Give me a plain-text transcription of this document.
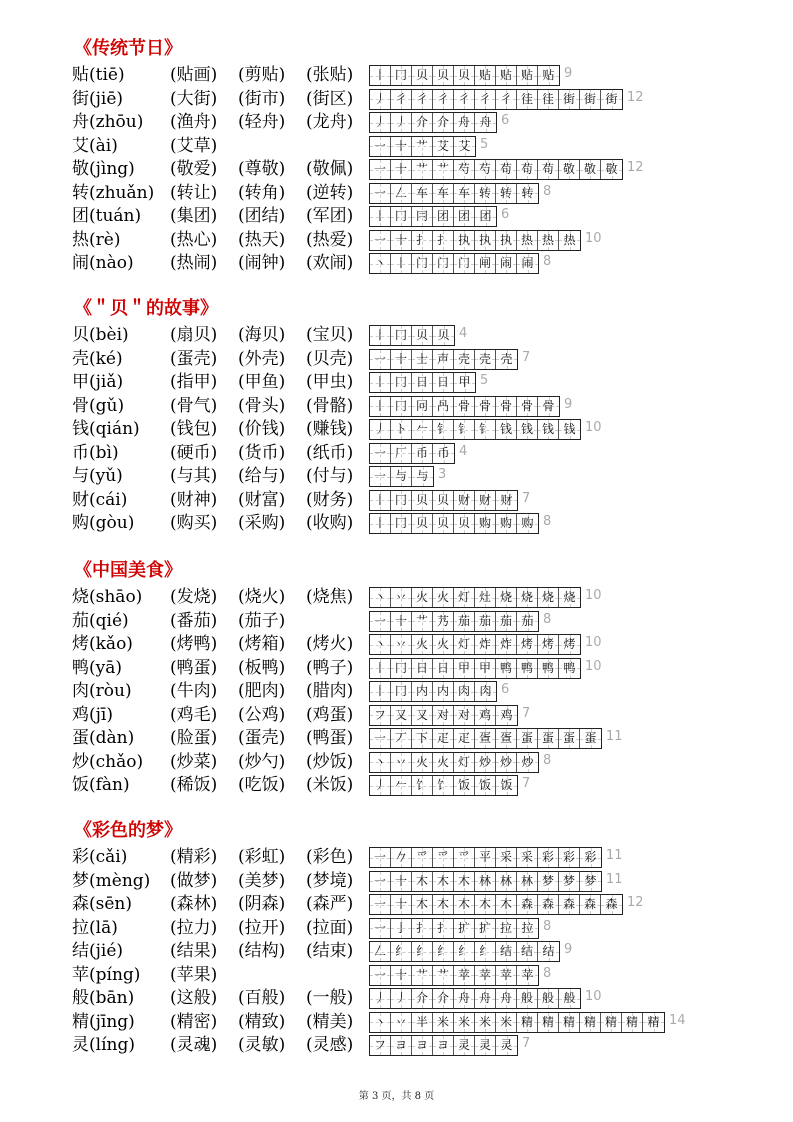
《传统节日》
贴(tiē)	(贴画) (剪贴) (张贴)	丨 冂 贝 贝 贝 贴 贴 贴 贴 9
街(jiē)	(大街) (街市) (街区)	丿 彳 彳 彳 彳 彳 彳 徍 徍 街 街 街 12
舟(zhōu) (渔舟) (轻舟) (龙舟)	丿 丿 介 介 舟 舟 6
艾(ài)	(艾草)	一 十 艹 艾 艾 5
敬(jìng) (敬爱) (尊敬) (敬佩)	一 十 艹 艹 芍 芍 苟 苟 苟 敬 敬 敬 12
转(zhuǎn) (转让) (转角) (逆转)	一 𠃋 车 车 车 转 转 转 8
团(tuán) (集团) (团结) (军团)	丨 冂 冃 团 团 团 6
热(rè)	(热心) (热天) (热爱)	一 十 扌 扌 执 执 执 热 热 热 10
闹(nào) (热闹) (闹钟) (欢闹)	丶 丨 门 门 门 闸 闹 闹 8
《＂贝＂的故事》
贝(bèi) (扇贝) (海贝) (宝贝)	丨 冂 贝 贝 4
壳(ké)	(蛋壳) (外壳) (贝壳)	一 十 士 声 壳 壳 壳 7
甲(jiǎ)	(指甲) (甲鱼) (甲虫)	丨 冂 日 日 甲 5
骨(gǔ)	(骨气) (骨头) (骨骼)	丨 冂 冋 冎 骨 骨 骨 骨 骨 9
钱(qián) (钱包) (价钱) (赚钱)	丿 ト 𠂉 钅 钅 钅 钱 钱 钱 钱 10
币(bì)	(硬币) (货币) (纸币)	一 厂 币 币 4
与(yǔ)	(与其) (给与) (付与)	一 与 与 3
财(cái)	(财神) (财富) (财务)	丨 冂 贝 贝 财 财 财 7
购(gòu) (购买) (采购) (收购)	丨 冂 贝 贝 贝 购 购 购 8
《中国美食》
烧(shāo) (发烧) (烧火) (烧焦)	丶 丷 火 火 灯 灶 烧 烧 烧 烧 10
茄(qié) (番茄) (茄子)	一 十 艹 艿 茄 茄 茄 茄 8
烤(kǎo) (烤鸭) (烤箱) (烤火)	丶 丷 火 火 灯 炸 炸 烤 烤 烤 10
鸭(yā)	(鸭蛋) (板鸭) (鸭子)	丨 冂 日 日 甲 甲 鸭 鸭 鸭 鸭 10
肉(ròu) (牛肉) (肥肉) (腊肉)	丨 冂 内 内 肉 肉 6
鸡(jī)	(鸡毛) (公鸡) (鸡蛋)	フ 又 又 对 对 鸡 鸡 7
蛋(dàn) (脸蛋) (蛋壳) (鸭蛋)	一 丆 下 疋 疋 疍 疍 蛋 蛋 蛋 蛋 11
炒(chǎo) (炒菜) (炒勺) (炒饭)	丶 丷 火 火 灯 炒 炒 炒 8
饭(fàn) (稀饭) (吃饭) (米饭)	丿 𠂉 饣 饣 饭 饭 饭 7
《彩色的梦》
彩(cǎi)	(精彩) (彩虹) (彩色)	一 𠂊 爫 爫 爫 平 采 采 彩 彩 彩 11
梦(mèng) (做梦) (美梦) (梦境)	一 十 木 木 木 林 林 林 梦 梦 梦 11
森(sēn) (森林) (阴森) (森严)	一 十 木 木 木 木 木 森 森 森 森 森 12
拉(lā)	(拉力) (拉开) (拉面)	一 亅 扌 扌 扩 扩 拉 拉 8
结(jié)	(结果) (结构) (结束)	𠃋 纟 纟 纟 纟 纟 结 结 结 9
苹(píng) (苹果)	一 十 艹 艹 苹 苹 苹 苹 8
般(bān) (这般) (百般) (一般)	丿 丿 介 介 舟 舟 舟 般 般 般 10
精(jīng) (精密) (精致) (精美)	丶 丷 半 米 米 米 米 精 精 精 精 精 精 精 14
灵(líng) (灵魂) (灵敏) (灵感)	フ ヨ ヨ ヨ 灵 灵 灵 7
第 3 页，共 8 页
